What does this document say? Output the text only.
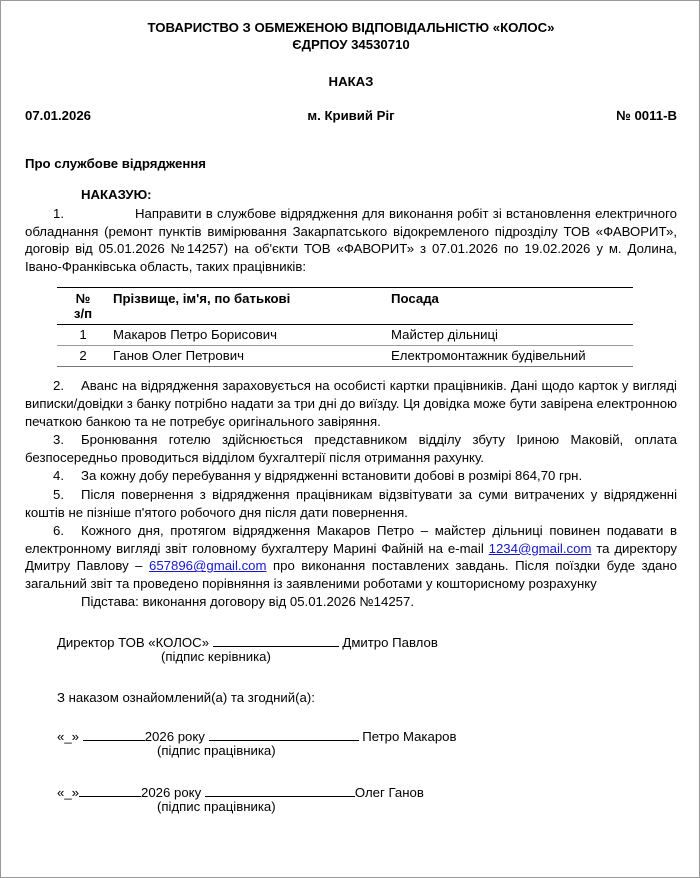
ТОВАРИСТВО З ОБМЕЖЕНОЮ ВІДПОВІДАЛЬНІСТЮ «КОЛОС»
ЄДРПОУ 34530710
НАКАЗ
07.01.2026	м. Кривий Ріг	№ 0011-В
Про службове відрядження
НАКАЗУЮ:

1.	Направити в службове відрядження для виконання робіт зі встановлення електричного обладнання (ремонт пунктів вимірювання Закарпатського відокремленого підрозділу ТОВ «ФАВОРИТ», договір від 05.01.2026 №14257) на об'єкти ТОВ «ФАВОРИТ» з 07.01.2026 по 19.02.2026 у м. Долина, Івано-Франківська область, таких працівників:

№
з/п	Прізвище, ім'я, по батькові	Посада
1	Макаров Петро Борисович	Майстер дільниці
2	Ганов Олег Петрович	Електромонтажник будівельний

2. Аванс на відрядження зараховується на особисті картки працівників. Дані щодо карток у вигляді виписки/довідки з банку потрібно надати за три дні до виїзду. Ця довідка може бути завірена електронною печаткою банкою та не потребує оригінального завіряння.

3. Бронювання готелю здійснюється представником відділу збуту Іриною Маковій, оплата безпосередньо проводиться відділом бухгалтерії після отримання рахунку.

4. За кожну добу перебування у відрядженні встановити добові в розмірі 864,70 грн.

5. Після повернення з відрядження працівникам відзвітувати за суми витрачених у відрядженні коштів не пізніше п'ятого робочого дня після дати повернення.

6. Кожного дня, протягом відрядження Макаров Петро – майстер дільниці повинен подавати в електронному вигляді звіт головному бухгалтеру Марині Файній на e-mail 1234@gmail.com та директору Дмитру Павлову – 657896@gmail.com про виконання поставлених завдань. Після поїздки буде здано загальний звіт та проведено порівняння із заявленими роботами у кошторисному розрахунку

Підстава: виконання договору від 05.01.2026 №14257.
Директор ТОВ «КОЛОС»	Дмитро Павлов
(підпис керівника)
З наказом ознайомлений(а) та згодний(а):
«_»	2026 року	Петро Макаров
(підпис працівника)
«_»	2026 року	Олег Ганов
(підпис працівника)
